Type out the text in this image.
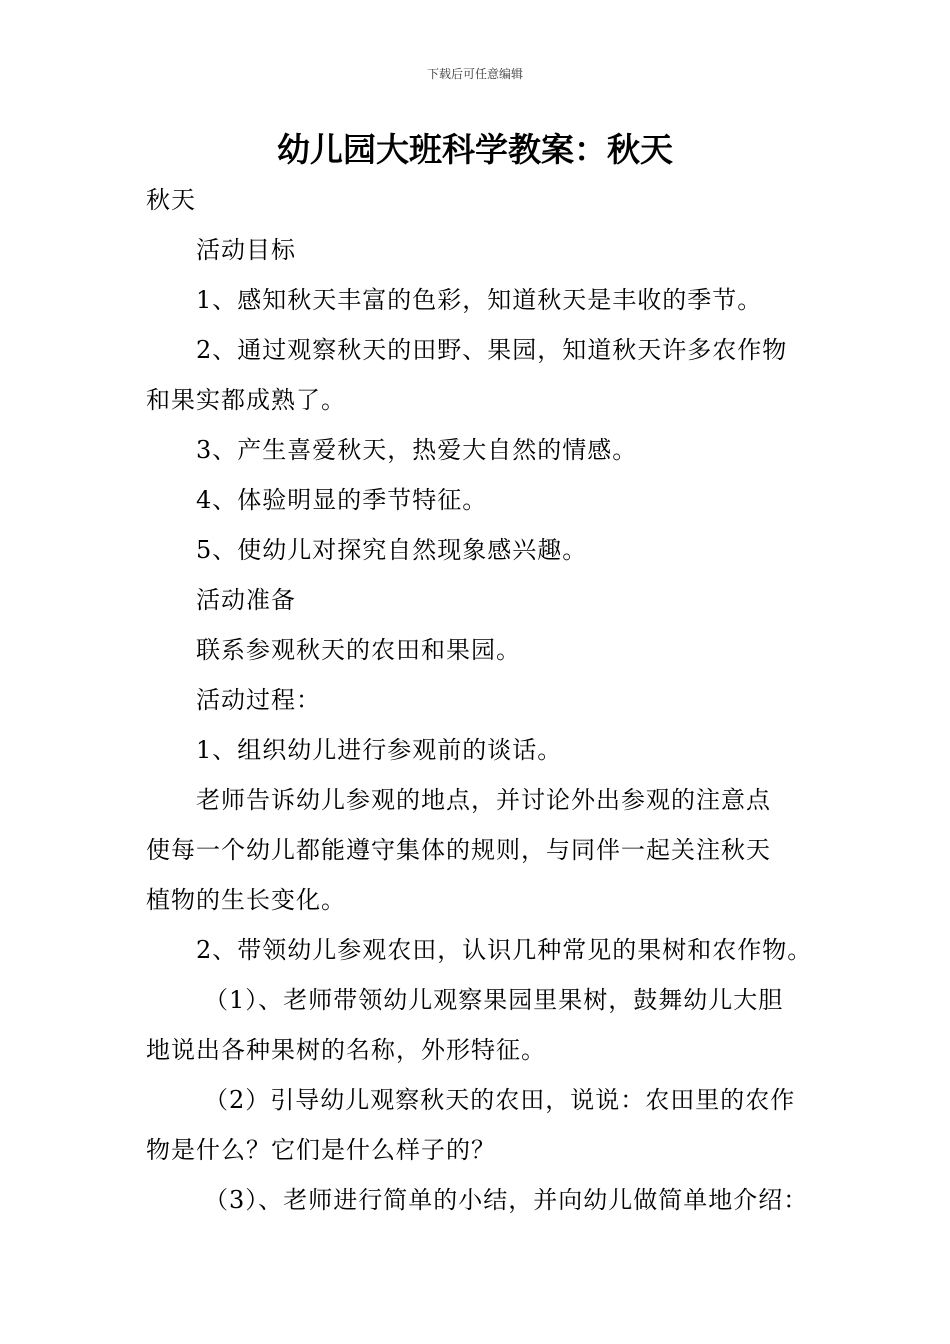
下载后可任意编辑
幼儿园大班科学教案：秋天
秋天
活动目标
1、感知秋天丰富的色彩，知道秋天是丰收的季节。
2、通过观察秋天的田野、果园，知道秋天许多农作物
和果实都成熟了。
3、产生喜爱秋天，热爱大自然的情感。
4、体验明显的季节特征。
5、使幼儿对探究自然现象感兴趣。
活动准备
联系参观秋天的农田和果园。
活动过程：
1、组织幼儿进行参观前的谈话。
老师告诉幼儿参观的地点，并讨论外出参观的注意点
使每一个幼儿都能遵守集体的规则，与同伴一起关注秋天
植物的生长变化。
2、带领幼儿参观农田，认识几种常见的果树和农作物。
（1）、老师带领幼儿观察果园里果树，鼓舞幼儿大胆
地说出各种果树的名称，外形特征。
（2）引导幼儿观察秋天的农田，说说：农田里的农作
物是什么？它们是什么样子的？
（3）、老师进行简单的小结，并向幼儿做简单地介绍：
